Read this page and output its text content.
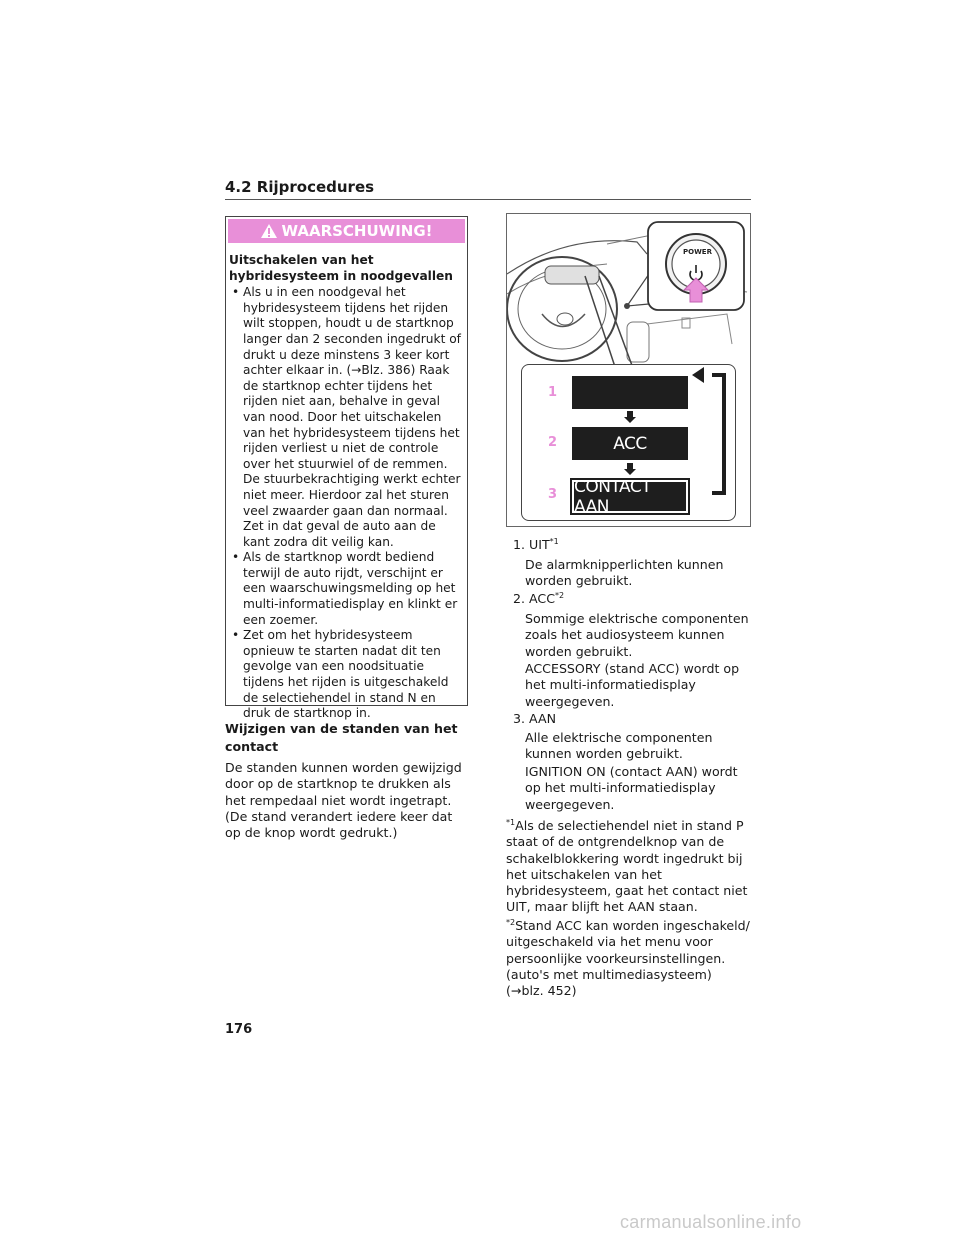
4.2 Rijprocedures
WAARSCHUWING!
Uitschakelen van het hybridesysteem in noodgevallen
• Als u in een noodgeval het hybridesysteem tijdens het rijden wilt stoppen, houdt u de startknop langer dan 2 seconden ingedrukt of drukt u deze minstens 3 keer kort achter elkaar in. (→Blz. 386) Raak de startknop echter tijdens het rijden niet aan, behalve in geval van nood. Door het uitschakelen van het hybridesysteem tijdens het rijden verliest u niet de controle over het stuurwiel of de remmen. De stuurbekrachtiging werkt echter niet meer. Hierdoor zal het sturen veel zwaarder gaan dan normaal. Zet in dat geval de auto aan de kant zodra dit veilig kan.
• Als de startknop wordt bediend terwijl de auto rijdt, verschijnt er een waarschuwingsmelding op het multi-informatiedisplay en klinkt er een zoemer.
• Zet om het hybridesysteem opnieuw te starten nadat dit ten gevolge van een noodsituatie tijdens het rijden is uitgeschakeld de selectiehendel in stand N en druk de startknop in.
Wijzigen van de standen van het contact
De standen kunnen worden gewijzigd door op de startknop te drukken als het rempedaal niet wordt ingetrapt. (De stand verandert iedere keer dat op de knop wordt gedrukt.)
POWER
1
2	ACC
3 CONTACT AAN
1. UIT$^{*1}$
De alarmknipperlichten kunnen worden gebruikt.
2. ACC$^{*2}$
Sommige elektrische componenten zoals het audiosysteem kunnen worden gebruikt.
ACCESSORY (stand ACC) wordt op het multi-informatiedisplay weergegeven.
3. AAN
Alle elektrische componenten kunnen worden gebruikt.
IGNITION ON (contact AAN) wordt op het multi-informatiedisplay weergegeven.
$^{*1}$Als de selectiehendel niet in stand P staat of de ontgrendelknop van de schakelblokkering wordt ingedrukt bij het uitschakelen van het hybridesysteem, gaat het contact niet UIT, maar blijft het AAN staan.
$^{*2}$Stand ACC kan worden ingeschakeld/ uitgeschakeld via het menu voor persoonlijke voorkeursinstellingen. (auto's met multimediasysteem) (→blz. 452)
176
carmanualsonline.info
